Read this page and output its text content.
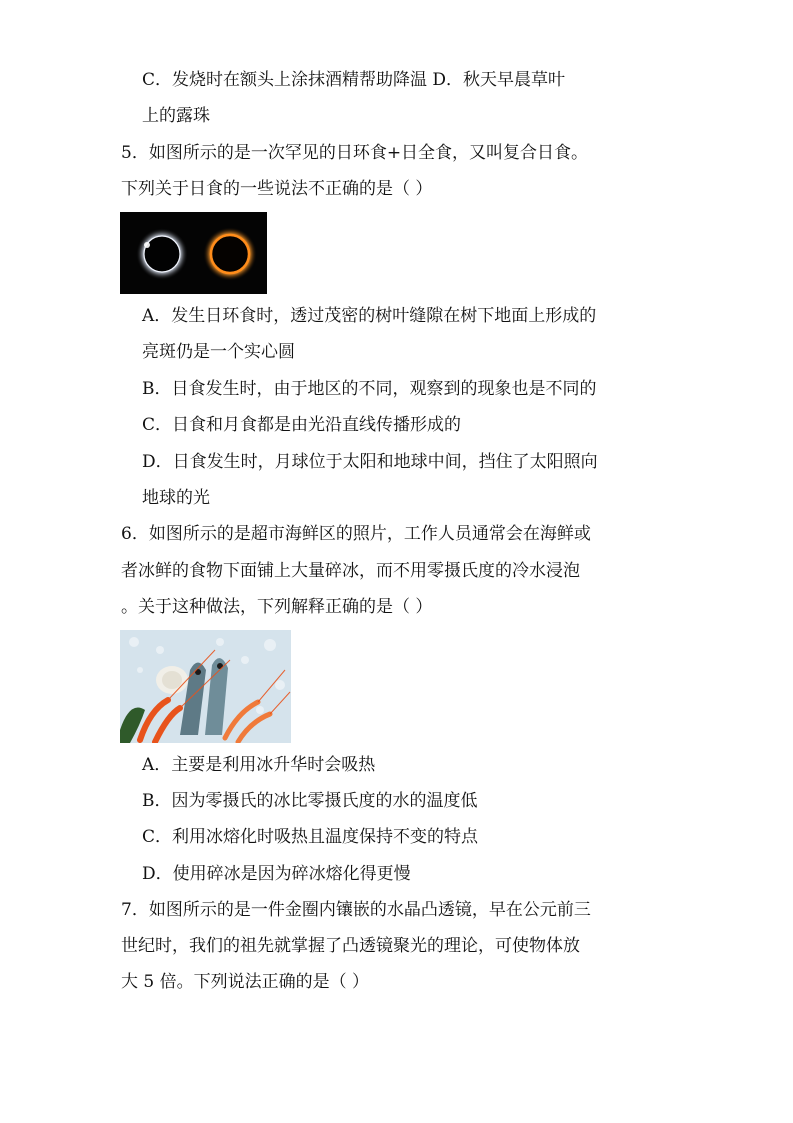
C．发烧时在额头上涂抹酒精帮助降温 D．秋天早晨草叶
上的露珠
5．如图所示的是一次罕见的日环食+日全食，又叫复合日食。
下列关于日食的一些说法不正确的是（ ）
A．发生日环食时，透过茂密的树叶缝隙在树下地面上形成的
亮斑仍是一个实心圆
B．日食发生时，由于地区的不同，观察到的现象也是不同的
C．日食和月食都是由光沿直线传播形成的
D．日食发生时，月球位于太阳和地球中间，挡住了太阳照向
地球的光
6．如图所示的是超市海鲜区的照片，工作人员通常会在海鲜或
者冰鲜的食物下面铺上大量碎冰，而不用零摄氏度的冷水浸泡
。关于这种做法，下列解释正确的是（ ）
A．主要是利用冰升华时会吸热
B．因为零摄氏的冰比零摄氏度的水的温度低
C．利用冰熔化时吸热且温度保持不变的特点
D．使用碎冰是因为碎冰熔化得更慢
7．如图所示的是一件金圈内镶嵌的水晶凸透镜，早在公元前三
世纪时，我们的祖先就掌握了凸透镜聚光的理论，可使物体放
大 5 倍。下列说法正确的是（ ）
